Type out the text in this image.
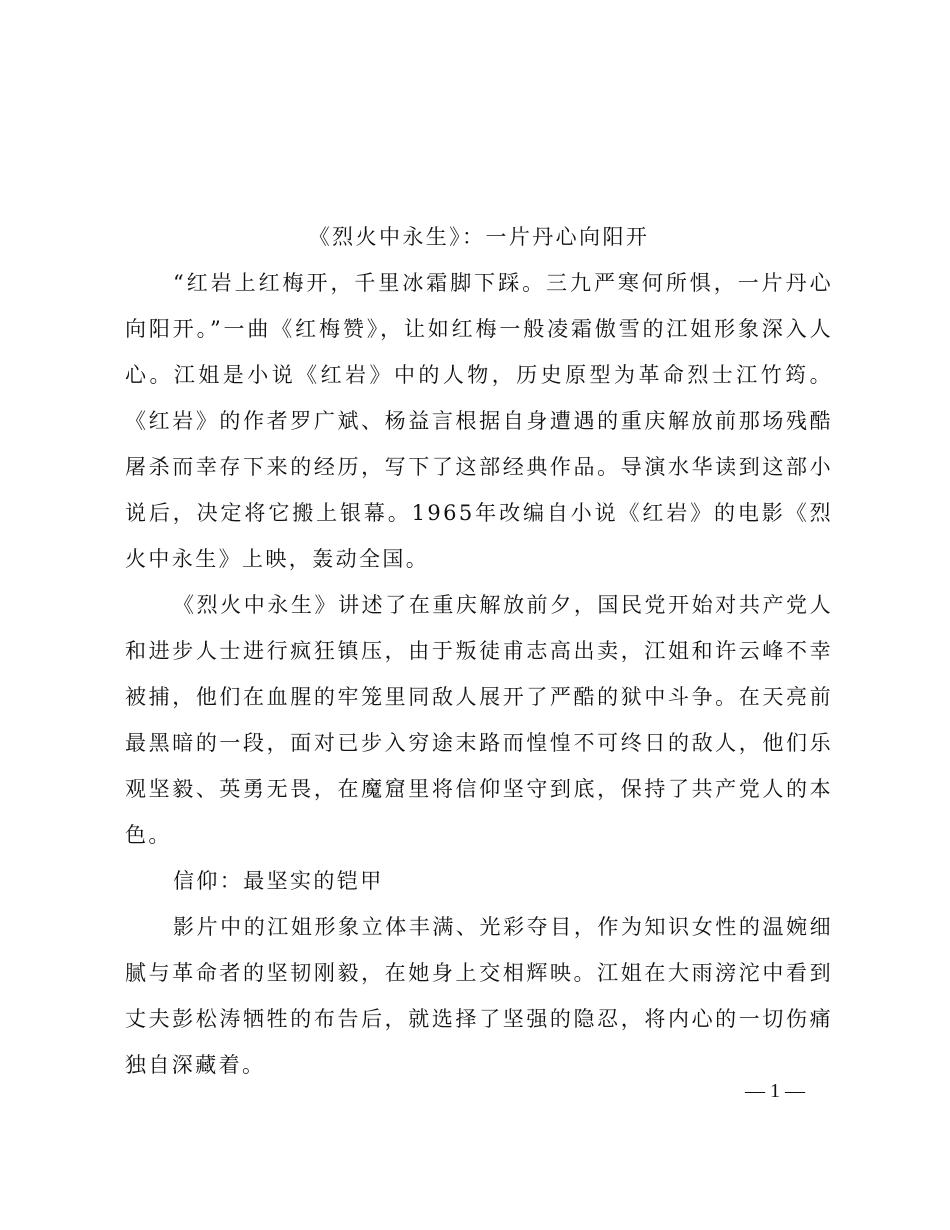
《烈火中永生》：一片丹心向阳开

“红岩上红梅开，千里冰霜脚下踩。三九严寒何所惧，一片丹心向阳开。”一曲《红梅赞》，让如红梅一般凌霜傲雪的江姐形象深入人心。江姐是小说《红岩》中的人物，历史原型为革命烈士江竹筠。《红岩》的作者罗广斌、杨益言根据自身遭遇的重庆解放前那场残酷屠杀而幸存下来的经历，写下了这部经典作品。导演水华读到这部小说后，决定将它搬上银幕。1965年改编自小说《红岩》的电影《烈火中永生》上映，轰动全国。

《烈火中永生》讲述了在重庆解放前夕，国民党开始对共产党人和进步人士进行疯狂镇压，由于叛徒甫志高出卖，江姐和许云峰不幸被捕，他们在血腥的牢笼里同敌人展开了严酷的狱中斗争。在天亮前最黑暗的一段，面对已步入穷途末路而惶惶不可终日的敌人，他们乐观坚毅、英勇无畏，在魔窟里将信仰坚守到底，保持了共产党人的本色。

信仰：最坚实的铠甲

影片中的江姐形象立体丰满、光彩夺目，作为知识女性的温婉细腻与革命者的坚韧刚毅，在她身上交相辉映。江姐在大雨滂沱中看到丈夫彭松涛牺牲的布告后，就选择了坚强的隐忍，将内心的一切伤痛独自深藏着。

— 1 —
